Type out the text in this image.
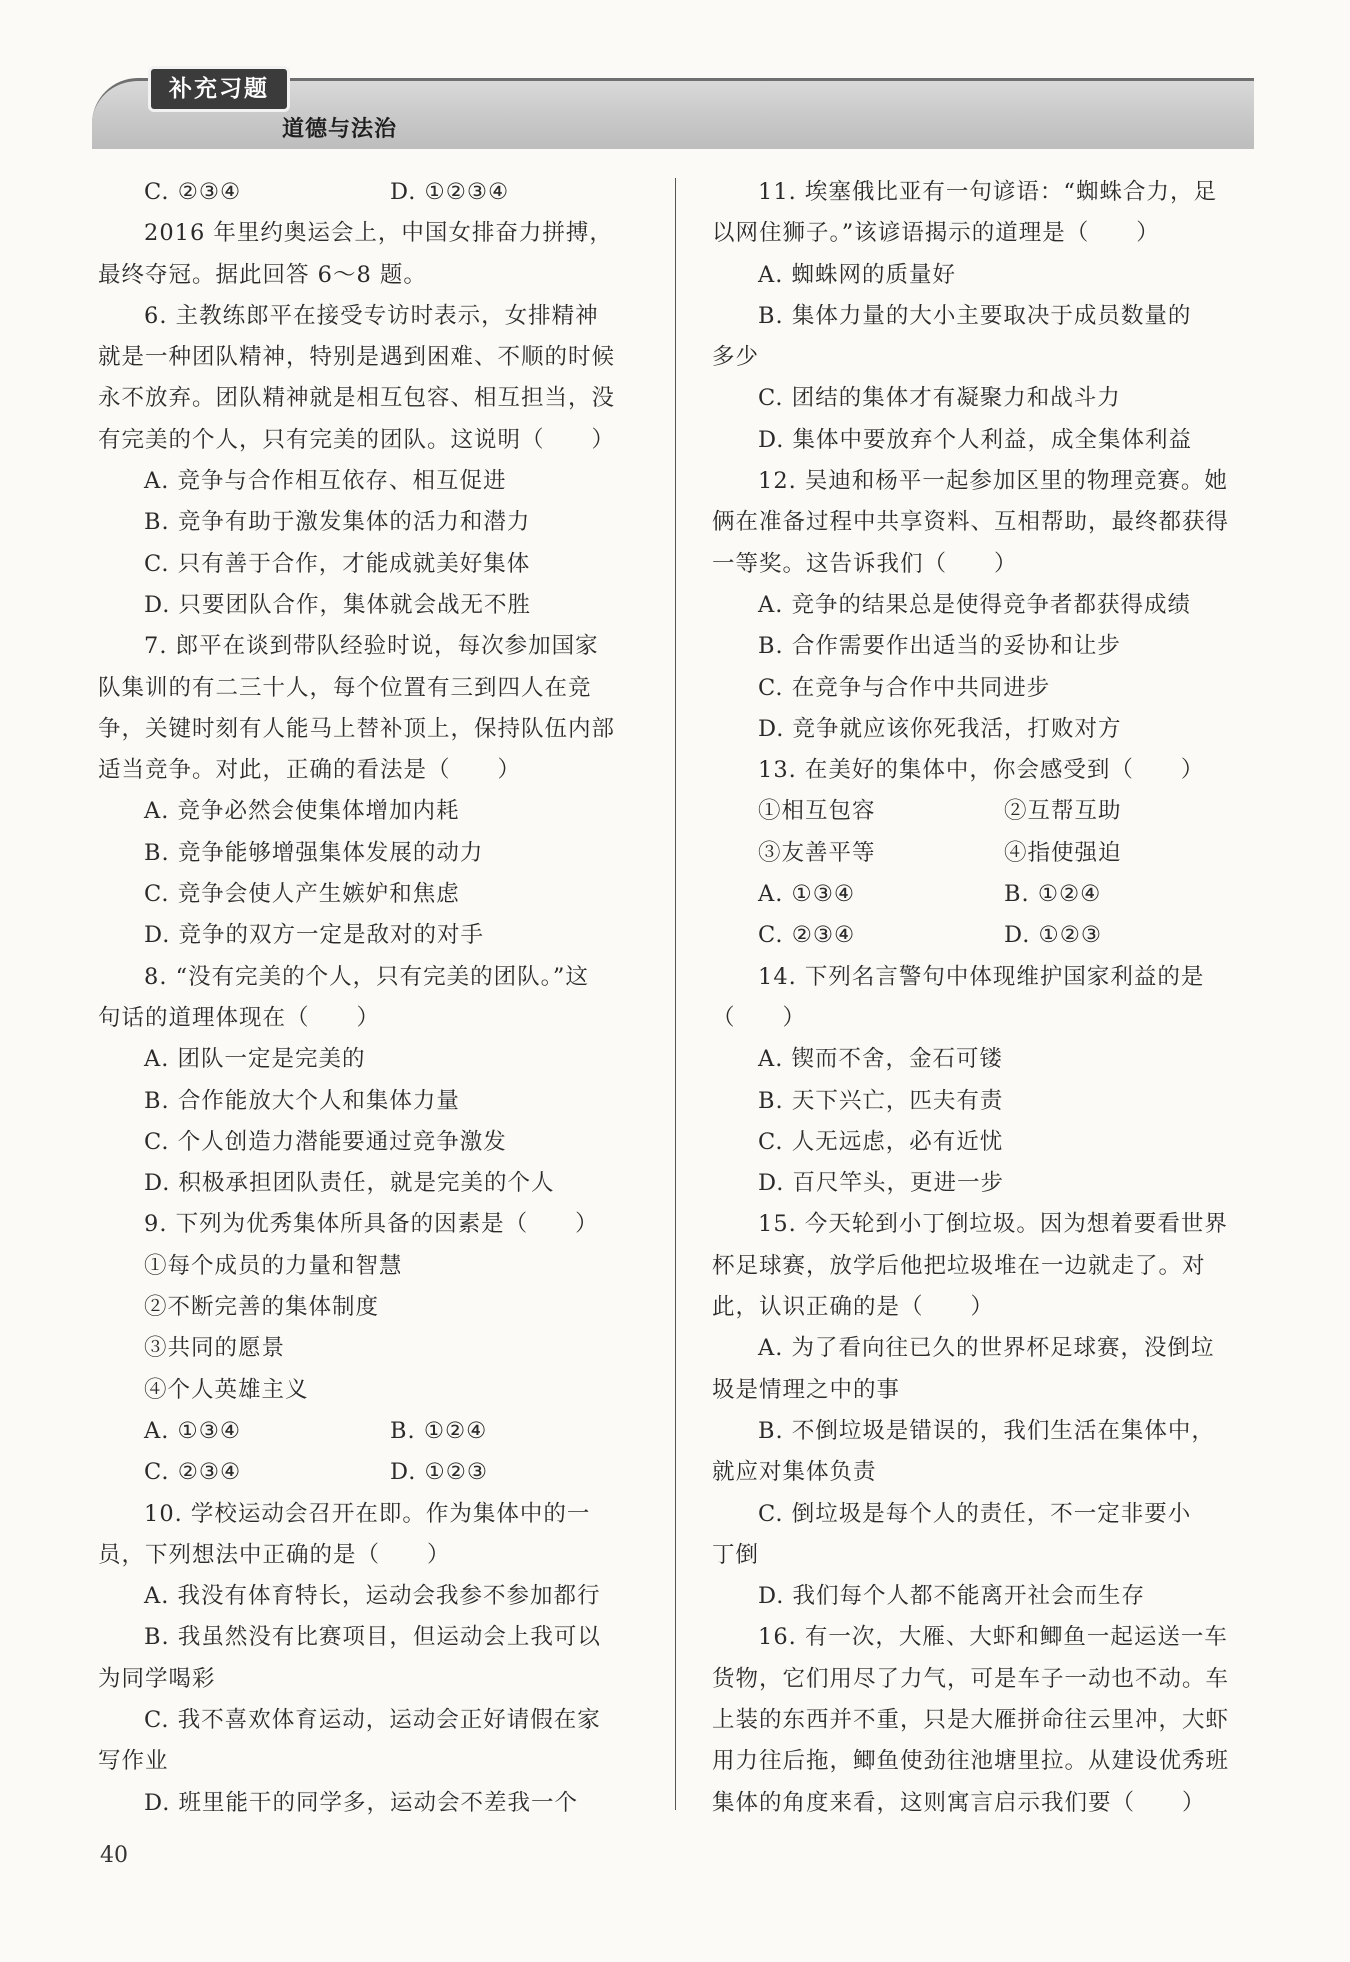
补充习题
道德与法治
C. ②③④	D. ①②③④
2016 年里约奥运会上，中国女排奋力拼搏，
最终夺冠。据此回答 6～8 题。
6. 主教练郎平在接受专访时表示，女排精神
就是一种团队精神，特别是遇到困难、不顺的时候
永不放弃。团队精神就是相互包容、相互担当，没
有完美的个人，只有完美的团队。这说明（　　）
A. 竞争与合作相互依存、相互促进
B. 竞争有助于激发集体的活力和潜力
C. 只有善于合作，才能成就美好集体
D. 只要团队合作，集体就会战无不胜
7. 郎平在谈到带队经验时说，每次参加国家
队集训的有二三十人，每个位置有三到四人在竞
争，关键时刻有人能马上替补顶上，保持队伍内部
适当竞争。对此，正确的看法是（　　）
A. 竞争必然会使集体增加内耗
B. 竞争能够增强集体发展的动力
C. 竞争会使人产生嫉妒和焦虑
D. 竞争的双方一定是敌对的对手
8. “没有完美的个人，只有完美的团队。”这
句话的道理体现在（　　）
A. 团队一定是完美的
B. 合作能放大个人和集体力量
C. 个人创造力潜能要通过竞争激发
D. 积极承担团队责任，就是完美的个人
9. 下列为优秀集体所具备的因素是（　　）
①每个成员的力量和智慧
②不断完善的集体制度
③共同的愿景
④个人英雄主义
A. ①③④	B. ①②④
C. ②③④	D. ①②③
10. 学校运动会召开在即。作为集体中的一
员，下列想法中正确的是（　　）
A. 我没有体育特长，运动会我参不参加都行
B. 我虽然没有比赛项目，但运动会上我可以
为同学喝彩
C. 我不喜欢体育运动，运动会正好请假在家
写作业
D. 班里能干的同学多，运动会不差我一个
11. 埃塞俄比亚有一句谚语：“蜘蛛合力，足
以网住狮子。”该谚语揭示的道理是（　　）
A. 蜘蛛网的质量好
B. 集体力量的大小主要取决于成员数量的
多少
C. 团结的集体才有凝聚力和战斗力
D. 集体中要放弃个人利益，成全集体利益
12. 吴迪和杨平一起参加区里的物理竞赛。她
俩在准备过程中共享资料、互相帮助，最终都获得
一等奖。这告诉我们（　　）
A. 竞争的结果总是使得竞争者都获得成绩
B. 合作需要作出适当的妥协和让步
C. 在竞争与合作中共同进步
D. 竞争就应该你死我活，打败对方
13. 在美好的集体中，你会感受到（　　）
①相互包容	②互帮互助
③友善平等	④指使强迫
A. ①③④	B. ①②④
C. ②③④	D. ①②③
14. 下列名言警句中体现维护国家利益的是
（　　）
A. 锲而不舍，金石可镂
B. 天下兴亡，匹夫有责
C. 人无远虑，必有近忧
D. 百尺竿头，更进一步
15. 今天轮到小丁倒垃圾。因为想着要看世界
杯足球赛，放学后他把垃圾堆在一边就走了。对
此，认识正确的是（　　）
A. 为了看向往已久的世界杯足球赛，没倒垃
圾是情理之中的事
B. 不倒垃圾是错误的，我们生活在集体中，
就应对集体负责
C. 倒垃圾是每个人的责任，不一定非要小
丁倒
D. 我们每个人都不能离开社会而生存
16. 有一次，大雁、大虾和鲫鱼一起运送一车
货物，它们用尽了力气，可是车子一动也不动。车
上装的东西并不重，只是大雁拼命往云里冲，大虾
用力往后拖，鲫鱼使劲往池塘里拉。从建设优秀班
集体的角度来看，这则寓言启示我们要（　　）
40
